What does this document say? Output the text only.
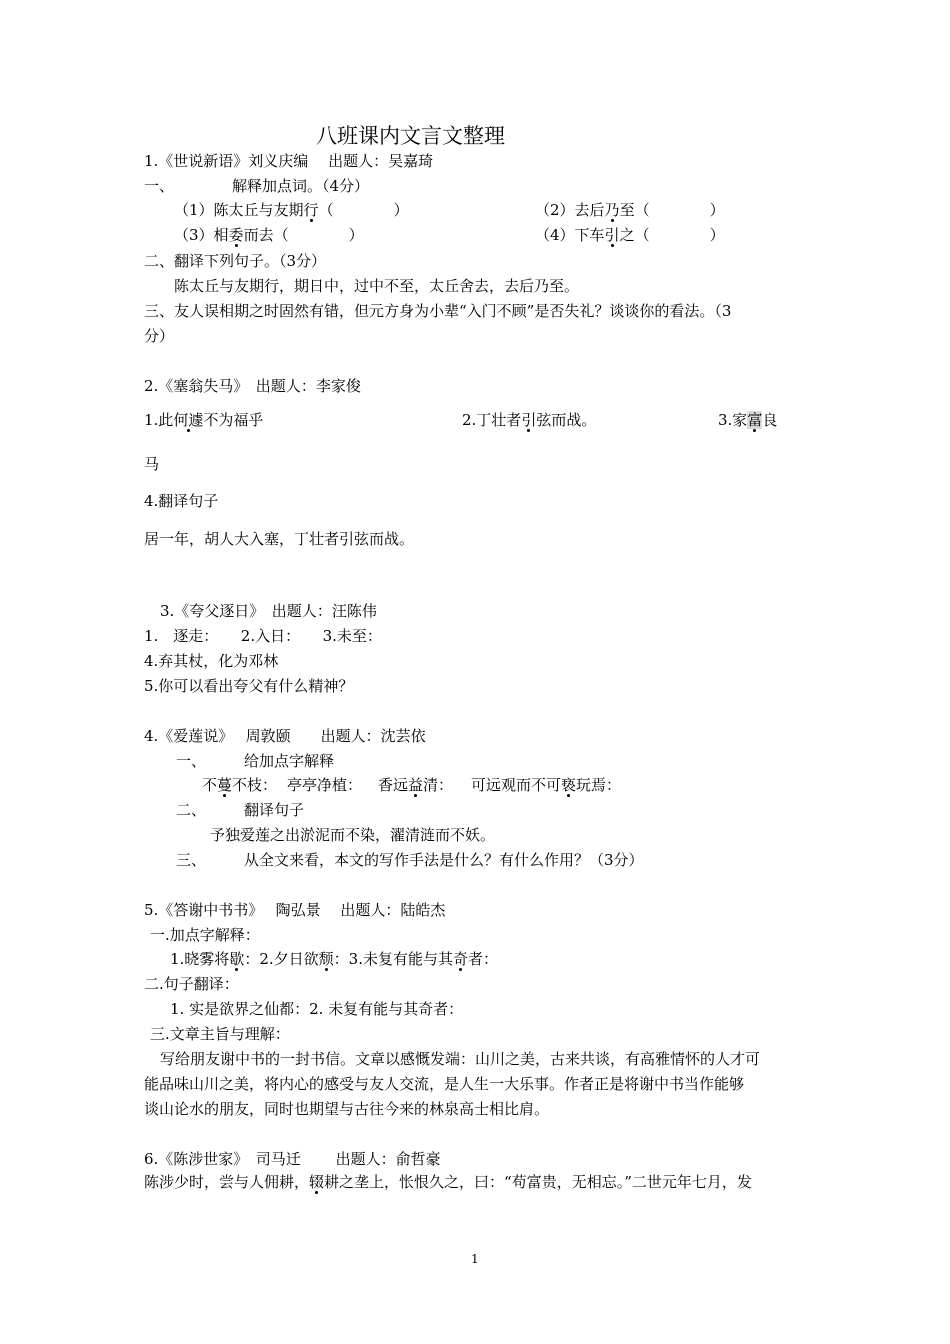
八班课内文言文整理
1.《世说新语》刘义庆编　 出题人：吴嘉琦
一、	解释加点词。（4分）
（1）陈太丘与友期行（　　　　）	（2）去后乃至（　　　　）
（3）相委而去（　　　　）	（4）下车引之（　　　　）
二、翻译下列句子。（3分）
陈太丘与友期行，期日中，过中不至，太丘舍去，去后乃至。
三、友人误相期之时固然有错，但元方身为小辈“入门不顾”是否失礼？谈谈你的看法。（3
分）
2.《塞翁失马》　出题人：李家俊
1.此何遽不为福乎	2.丁壮者引弦而战。	3.家富良
马
4.翻译句子
居一年，胡人大入塞，丁壮者引弦而战。
3.《夸父逐日》　出题人：汪陈伟
1.　逐走：　　2.入日：　　3.未至：
4.弃其杖，化为邓林
5.你可以看出夸父有什么精神？
4.《爱莲说》　 周敦颐　　出题人：沈芸依
一、	给加点字解释
不蔓不枝： 亭亭净植： 香远益清： 可远观而不可亵玩焉：
二、	翻译句子
予独爱莲之出淤泥而不染，濯清涟而不妖。
三、	从全文来看，本文的写作手法是什么？有什么作用？（3分）
5.《答谢中书书》　 陶弘景　 出题人：陆皓杰
一.加点字解释：
1.晓雾将歇：2.夕日欲颓：3.未复有能与其奇者：
二.句子翻译：
1. 实是欲界之仙都：2. 未复有能与其奇者：
三.文章主旨与理解：
写给朋友谢中书的一封书信。文章以感慨发端：山川之美，古来共谈，有高雅情怀的人才可
能品味山川之美，将内心的感受与友人交流，是人生一大乐事。作者正是将谢中书当作能够
谈山论水的朋友，同时也期望与古往今来的林泉高士相比肩。
6.《陈涉世家》　司马迁　　 出题人：俞哲豪
陈涉少时，尝与人佣耕，辍耕之垄上，怅恨久之，曰：“苟富贵，无相忘。”二世元年七月，发
1
